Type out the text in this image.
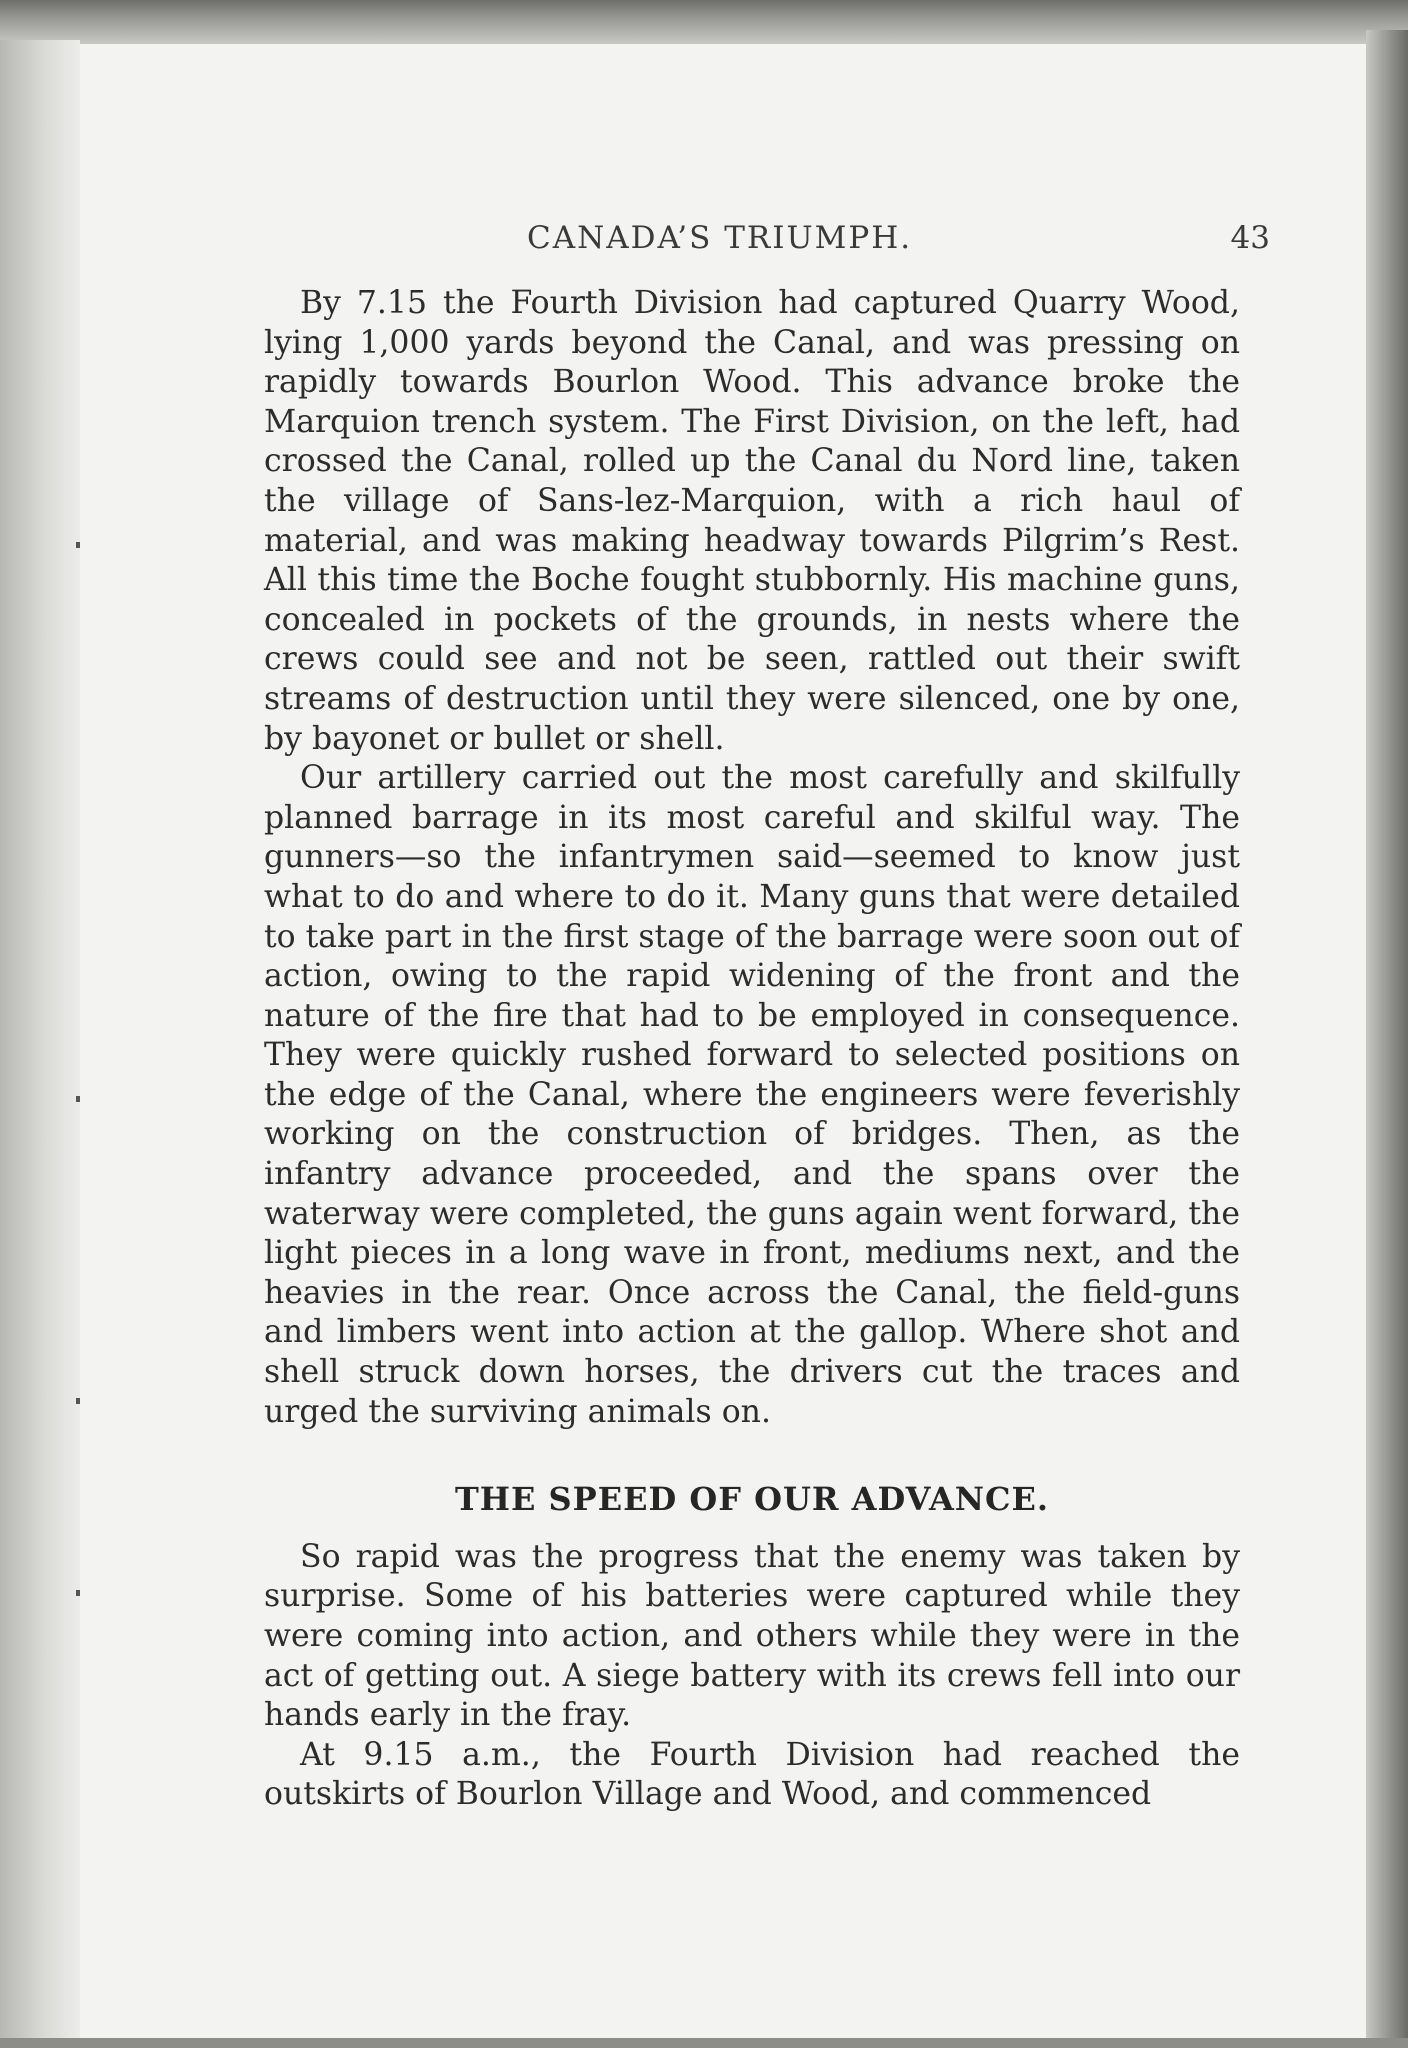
CANADA’S TRIUMPH.	43

By 7.15 the Fourth Division had captured Quarry Wood, lying 1,000 yards beyond the Canal, and was pressing on rapidly towards Bourlon Wood. This advance broke the Marquion trench system. The First Division, on the left, had crossed the Canal, rolled up the Canal du Nord line, taken the village of Sans-lez-Marquion, with a rich haul of material, and was making headway towards Pilgrim’s Rest. All this time the Boche fought stubbornly. His machine guns, concealed in pockets of the grounds, in nests where the crews could see and not be seen, rattled out their swift streams of destruction until they were silenced, one by one, by bayonet or bullet or shell.

Our artillery carried out the most carefully and skilfully planned barrage in its most careful and skilful way. The gunners—so the infantrymen said—seemed to know just what to do and where to do it. Many guns that were detailed to take part in the first stage of the barrage were soon out of action, owing to the rapid widening of the front and the nature of the fire that had to be employed in consequence. They were quickly rushed forward to selected positions on the edge of the Canal, where the engineers were feverishly working on the construction of bridges. Then, as the infantry advance proceeded, and the spans over the waterway were completed, the guns again went forward, the light pieces in a long wave in front, mediums next, and the heavies in the rear. Once across the Canal, the field-guns and limbers went into action at the gallop. Where shot and shell struck down horses, the drivers cut the traces and urged the surviving animals on.

THE SPEED OF OUR ADVANCE.

So rapid was the progress that the enemy was taken by surprise. Some of his batteries were captured while they were coming into action, and others while they were in the act of getting out. A siege battery with its crews fell into our hands early in the fray.

At 9.15 a.m., the Fourth Division had reached the outskirts of Bourlon Village and Wood, and commenced
